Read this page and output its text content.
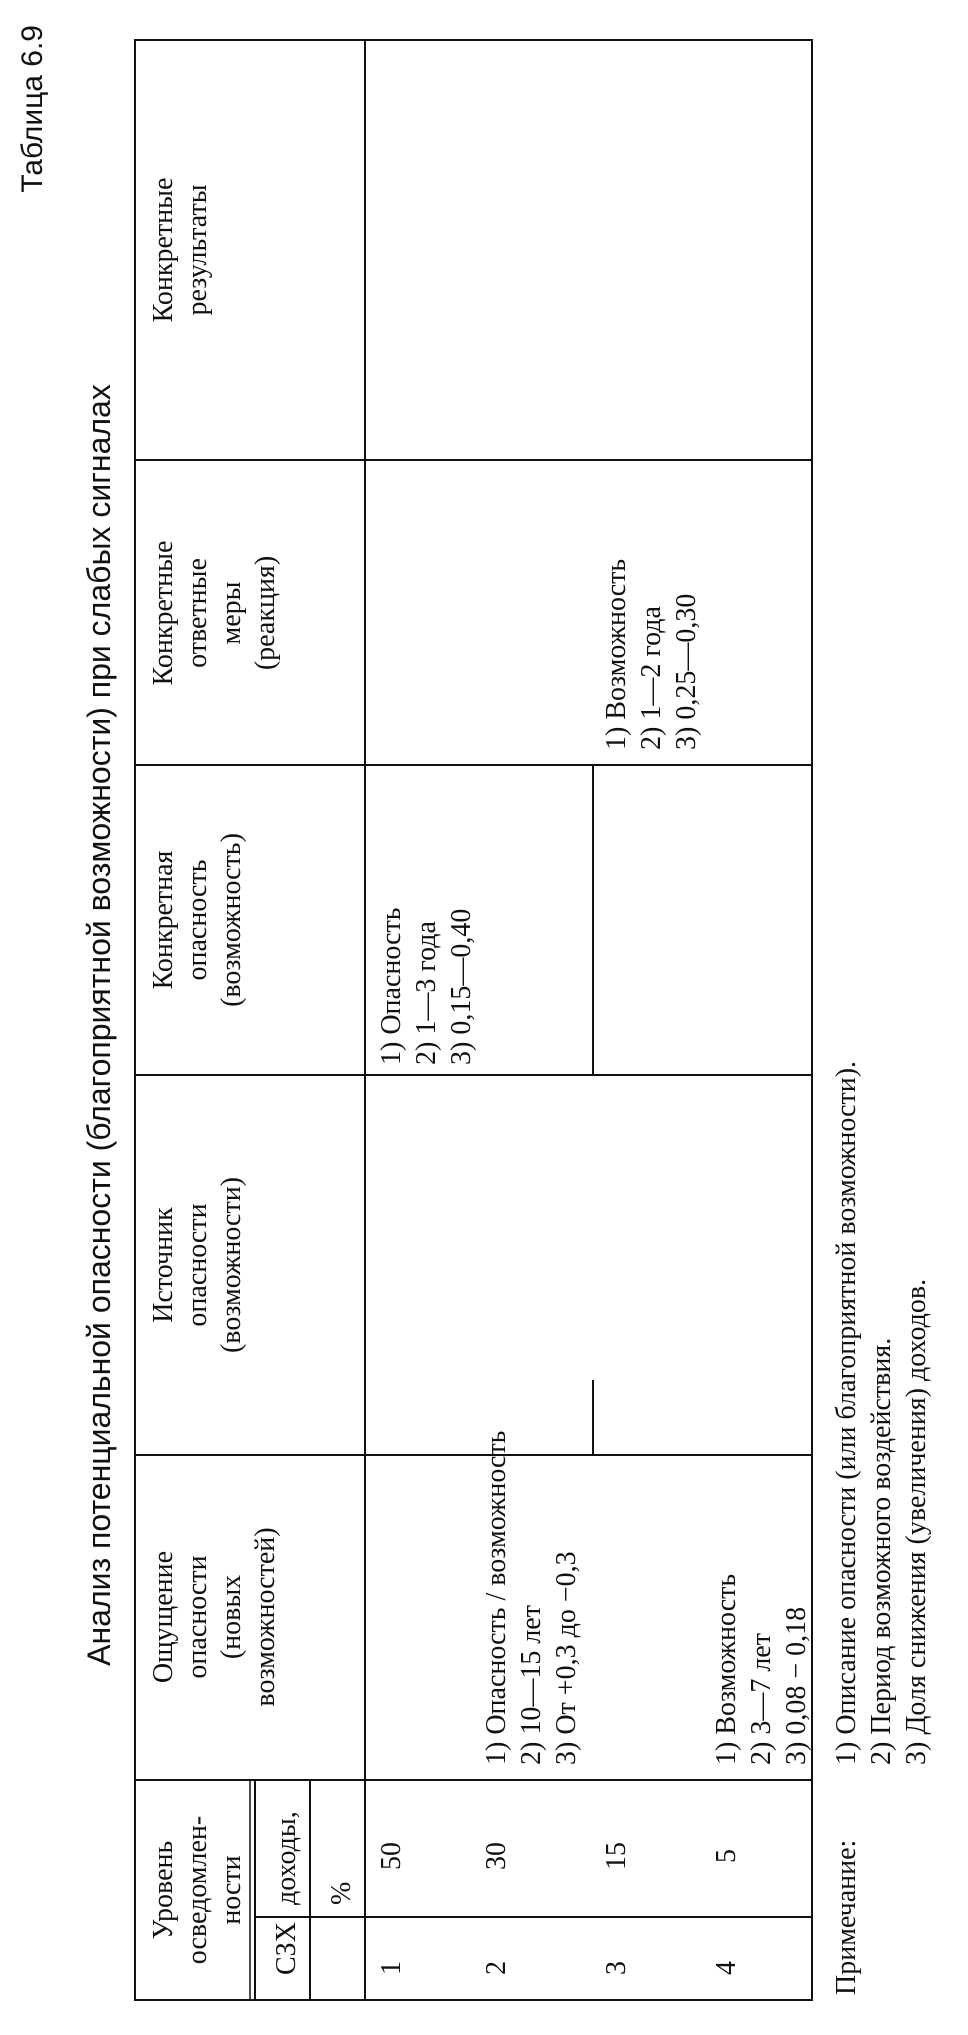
Таблица 6.9
Анализ потенциальной опасности (благоприятной возможности) при слабых сигналах
Уровень осведомлен- ности
СЗХ
доходы, %
Ощущение опасности (новых возможностей)
Источник опасности (возможности)
Конкретная опасность (возможность)
Конкретные ответные меры (реакция)
Конкретные результаты
1
50
2
30
3
15
4
5
1) Опасность / возможность 2) 10—15 лет 3) От +0,3 до −0,3	1) Возможность 2) 3—7 лет 3) 0,08 − 0,18
1) Опасность 2) 1—3 года 3) 0,15—0,40
1) Возможность 2) 1—2 года 3) 0,25—0,30
Примечание:
1) Описание опасности (или благоприятной возможности). 2) Период возможного воздействия. 3) Доля снижения (увеличения) доходов.
